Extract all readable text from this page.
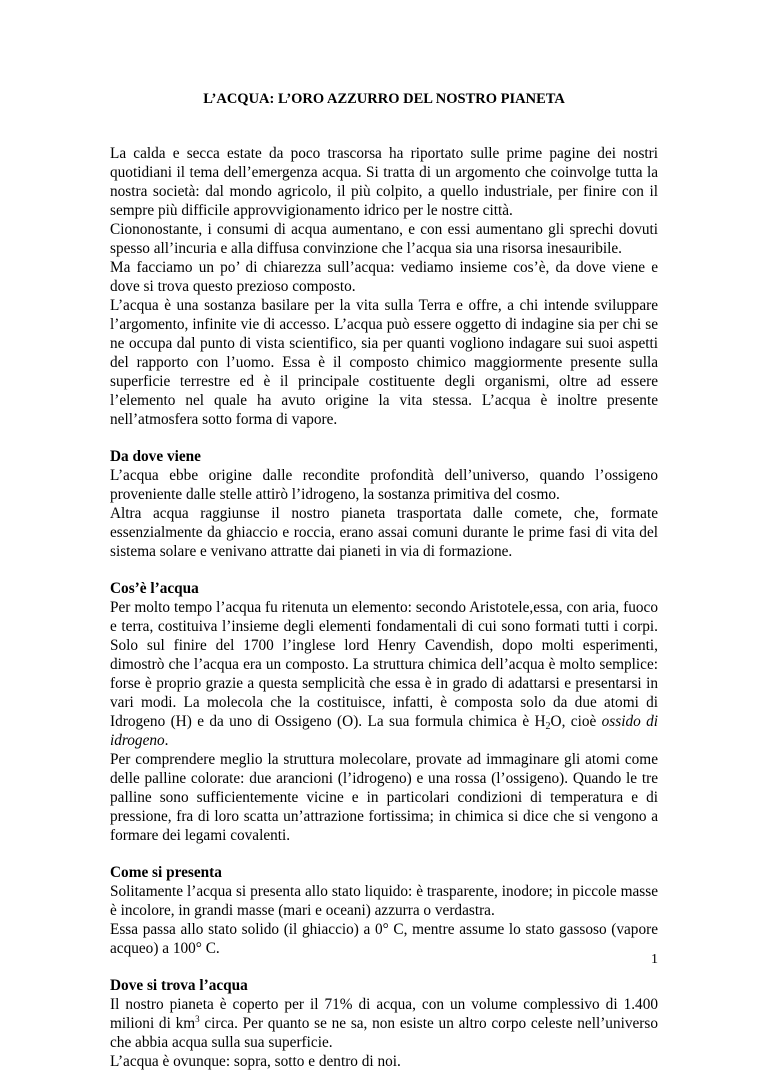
L’ACQUA: L’ORO AZZURRO DEL NOSTRO PIANETA

La calda e secca estate da poco trascorsa ha riportato sulle prime pagine dei nostri quotidiani il tema dell’emergenza acqua. Si tratta di un argomento che coinvolge tutta la nostra società: dal mondo agricolo, il più colpito, a quello industriale, per finire con il sempre più difficile approvvigionamento idrico per le nostre città.

Ciononostante, i consumi di acqua aumentano, e con essi aumentano gli sprechi dovuti spesso all’incuria e alla diffusa convinzione che l’acqua sia una risorsa inesauribile.

Ma facciamo un po’ di chiarezza sull’acqua: vediamo insieme cos’è, da dove viene e dove si trova questo prezioso composto.

L’acqua è una sostanza basilare per la vita sulla Terra e offre, a chi intende sviluppare l’argomento, infinite vie di accesso. L’acqua può essere oggetto di indagine sia per chi se ne occupa dal punto di vista scientifico, sia per quanti vogliono indagare sui suoi aspetti del rapporto con l’uomo. Essa è il composto chimico maggiormente presente sulla superficie terrestre ed è il principale costituente degli organismi, oltre ad essere l’elemento nel quale ha avuto origine la vita stessa. L’acqua è inoltre presente nell’atmosfera sotto forma di vapore.

Da dove viene

L’acqua ebbe origine dalle recondite profondità dell’universo, quando l’ossigeno proveniente dalle stelle attirò l’idrogeno, la sostanza primitiva del cosmo.

Altra acqua raggiunse il nostro pianeta trasportata dalle comete, che, formate essenzialmente da ghiaccio e roccia, erano assai comuni durante le prime fasi di vita del sistema solare e venivano attratte dai pianeti in via di formazione.

Cos’è l’acqua

Per molto tempo l’acqua fu ritenuta un elemento: secondo Aristotele,essa, con aria, fuoco e terra, costituiva l’insieme degli elementi fondamentali di cui sono formati tutti i corpi. Solo sul finire del 1700 l’inglese lord Henry Cavendish, dopo molti esperimenti, dimostrò che l’acqua era un composto. La struttura chimica dell’acqua è molto semplice: forse è proprio grazie a questa semplicità che essa è in grado di adattarsi e presentarsi in vari modi. La molecola che la costituisce, infatti, è composta solo da due atomi di Idrogeno (H) e da uno di Ossigeno (O). La sua formula chimica è $H_2O$, cioè ossido di idrogeno.

Per comprendere meglio la struttura molecolare, provate ad immaginare gli atomi come delle palline colorate: due arancioni (l’idrogeno) e una rossa (l’ossigeno). Quando le tre palline sono sufficientemente vicine e in particolari condizioni di temperatura e di pressione, fra di loro scatta un’attrazione fortissima; in chimica si dice che si vengono a formare dei legami covalenti.

Come si presenta

Solitamente l’acqua si presenta allo stato liquido: è trasparente, inodore; in piccole masse è incolore, in grandi masse (mari e oceani) azzurra o verdastra.

Essa passa allo stato solido (il ghiaccio) a 0° C, mentre assume lo stato gassoso (vapore acqueo) a 100° C.

Dove si trova l’acqua

Il nostro pianeta è coperto per il 71% di acqua, con un volume complessivo di 1.400 milioni di $km^3$ circa. Per quanto se ne sa, non esiste un altro corpo celeste nell’universo che abbia acqua sulla sua superficie.

L’acqua è ovunque: sopra, sotto e dentro di noi.

1
